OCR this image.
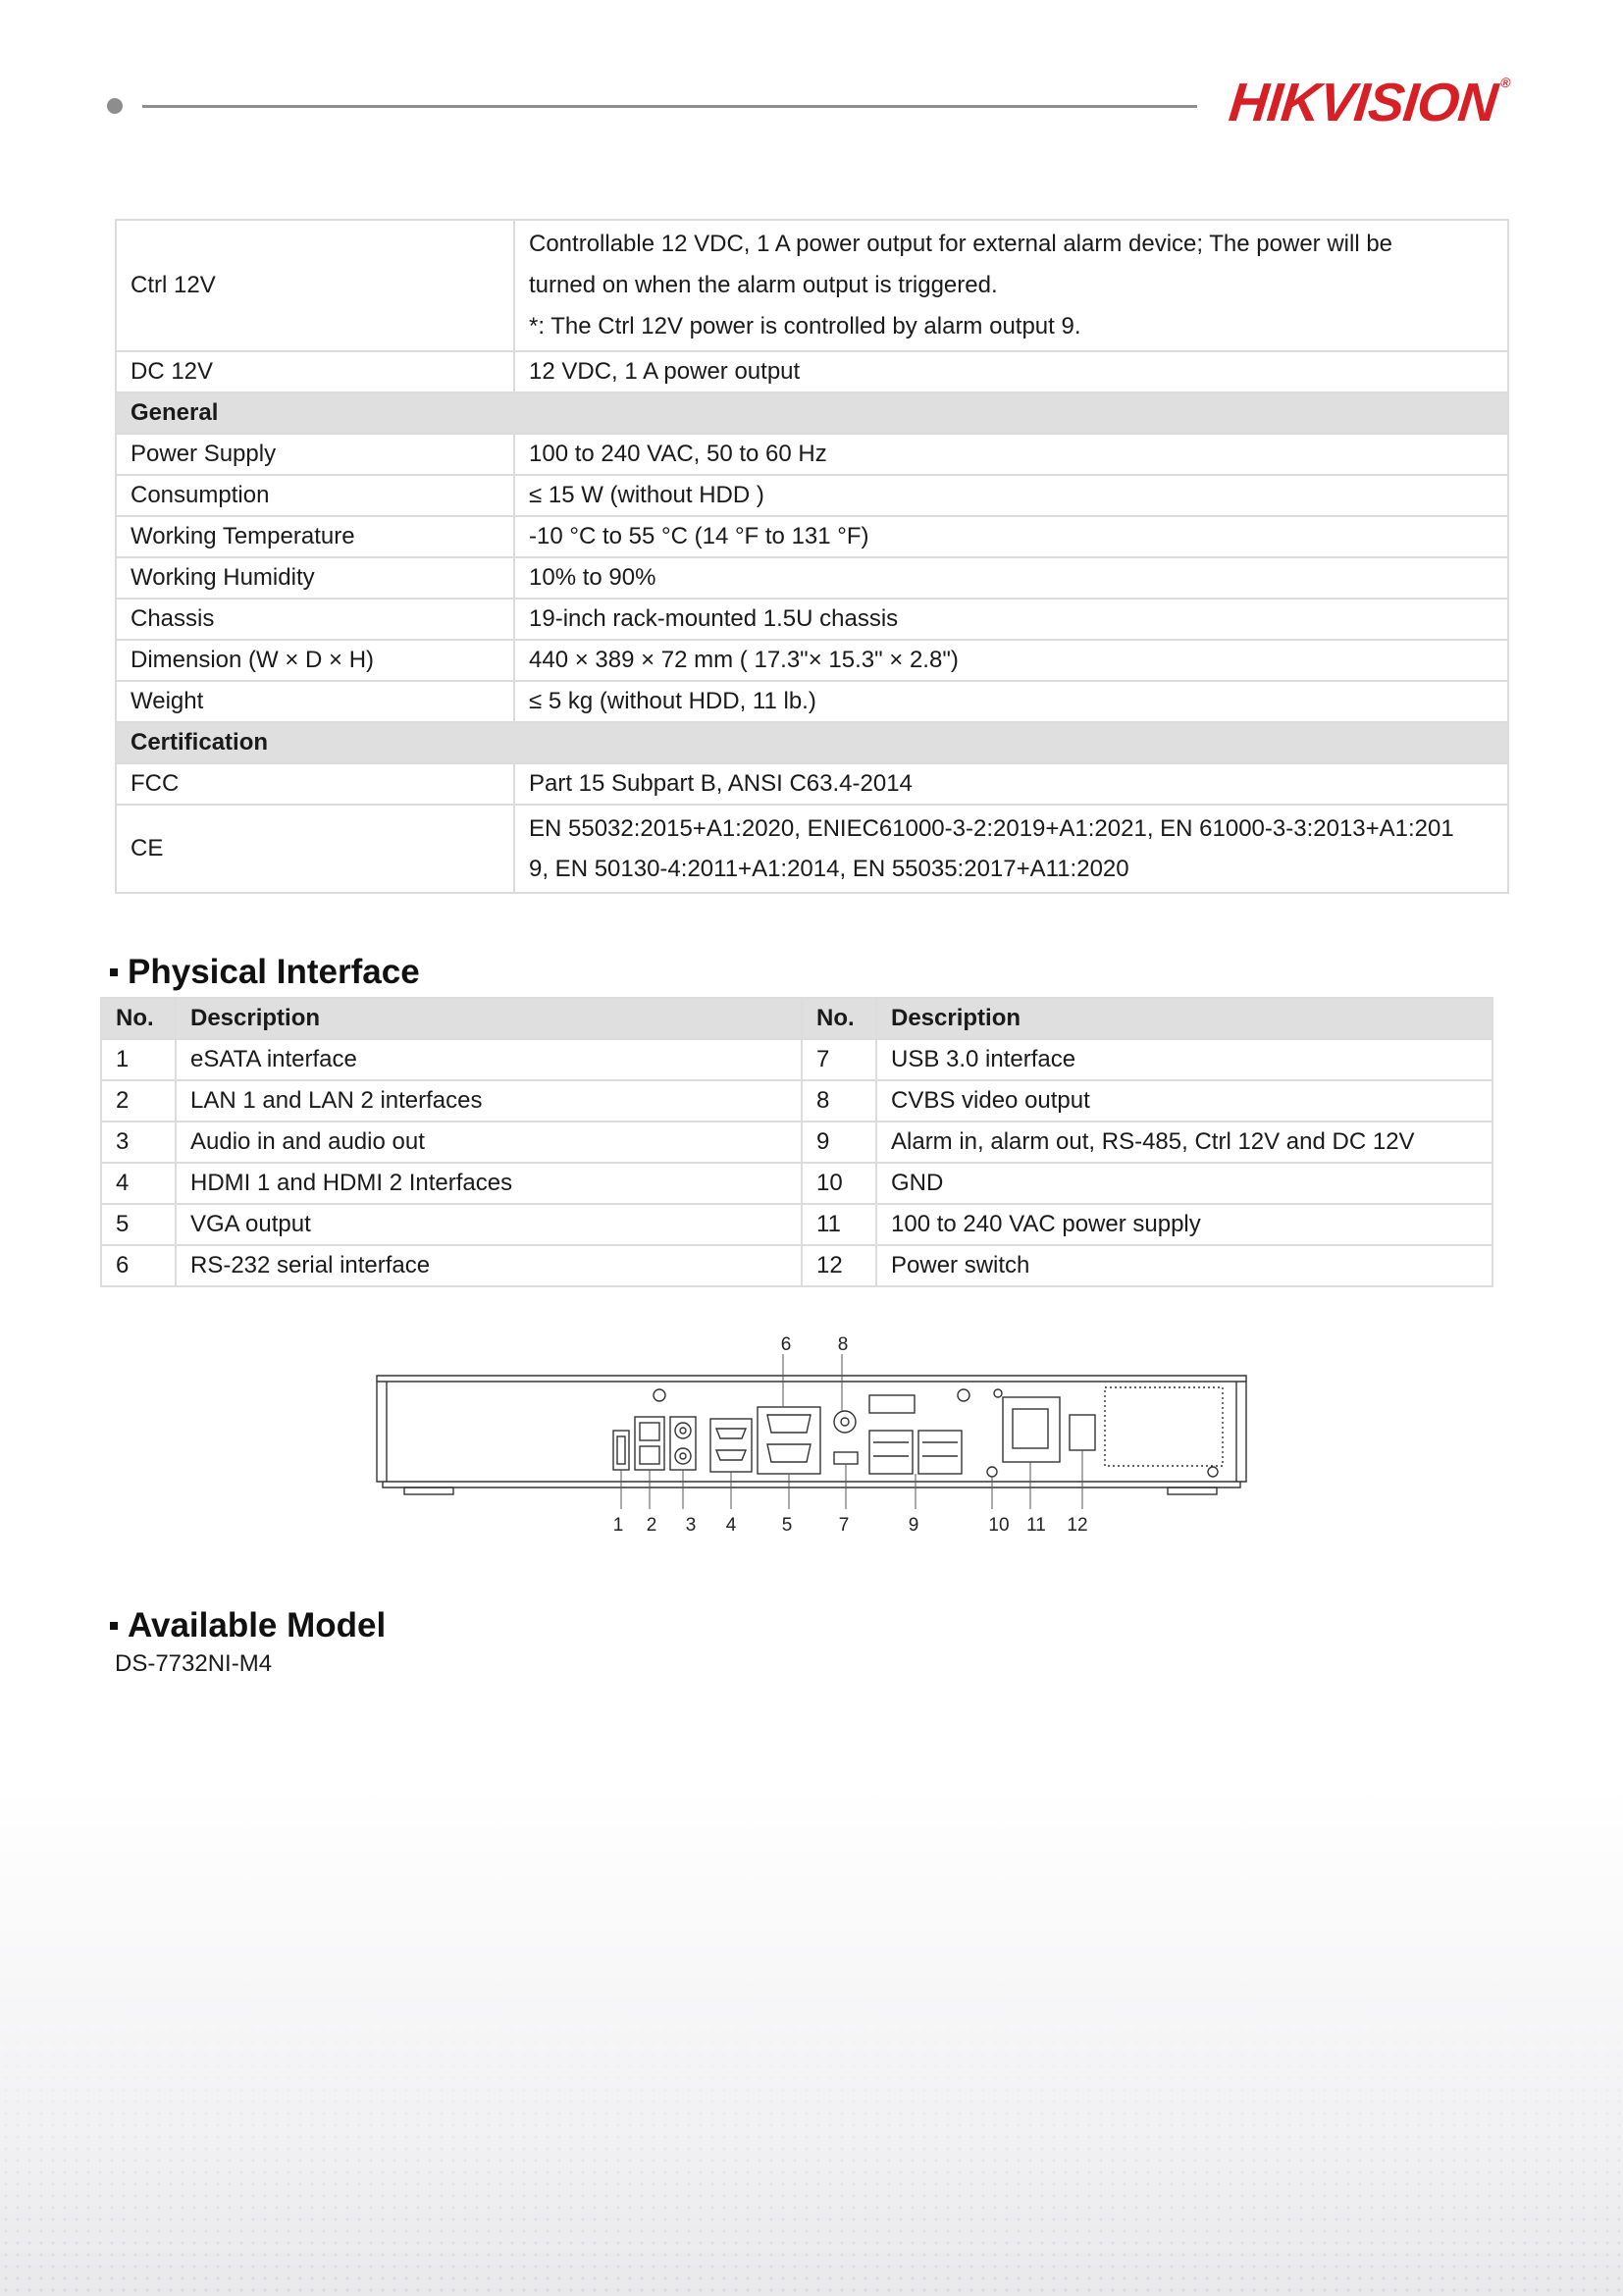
HIKVISION®
Ctrl 12V	Controllable 12 VDC, 1 A power output for external alarm device; The power will be
turned on when the alarm output is triggered.
*: The Ctrl 12V power is controlled by alarm output 9.

DC 12V	12 VDC, 1 A power output

General	
Power Supply	100 to 240 VAC, 50 to 60 Hz

Consumption	≤ 15 W (without HDD )

Working Temperature	-10 °C to 55 °C (14 °F to 131 °F)

Working Humidity	10% to 90%

Chassis	19-inch rack-mounted 1.5U chassis

Dimension (W × D × H)	440 × 389 × 72 mm ( 17.3"× 15.3" × 2.8")

Weight	≤ 5 kg (without HDD, 11 lb.)

Certification	
FCC	Part 15 Subpart B, ANSI C63.4-2014

CE	EN 55032:2015+A1:2020, ENIEC61000-3-2:2019+A1:2021, EN 61000-3-3:2013+A1:201
9, EN 50130-4:2011+A1:2014, EN 55035:2017+A11:2020
Physical Interface
No.	Description	No.	Description
1	eSATA interface	7	USB 3.0 interface
2	LAN 1 and LAN 2 interfaces	8	CVBS video output
3	Audio in and audio out	9	Alarm in, alarm out, RS-485, Ctrl 12V and DC 12V
4	HDMI 1 and HDMI 2 Interfaces	10	GND
5	VGA output	11	100 to 240 VAC power supply
6	RS-232 serial interface	12	Power switch
6 8
1 2 3 4 5 7	9	10 11 12
Available Model
DS-7732NI-M4
